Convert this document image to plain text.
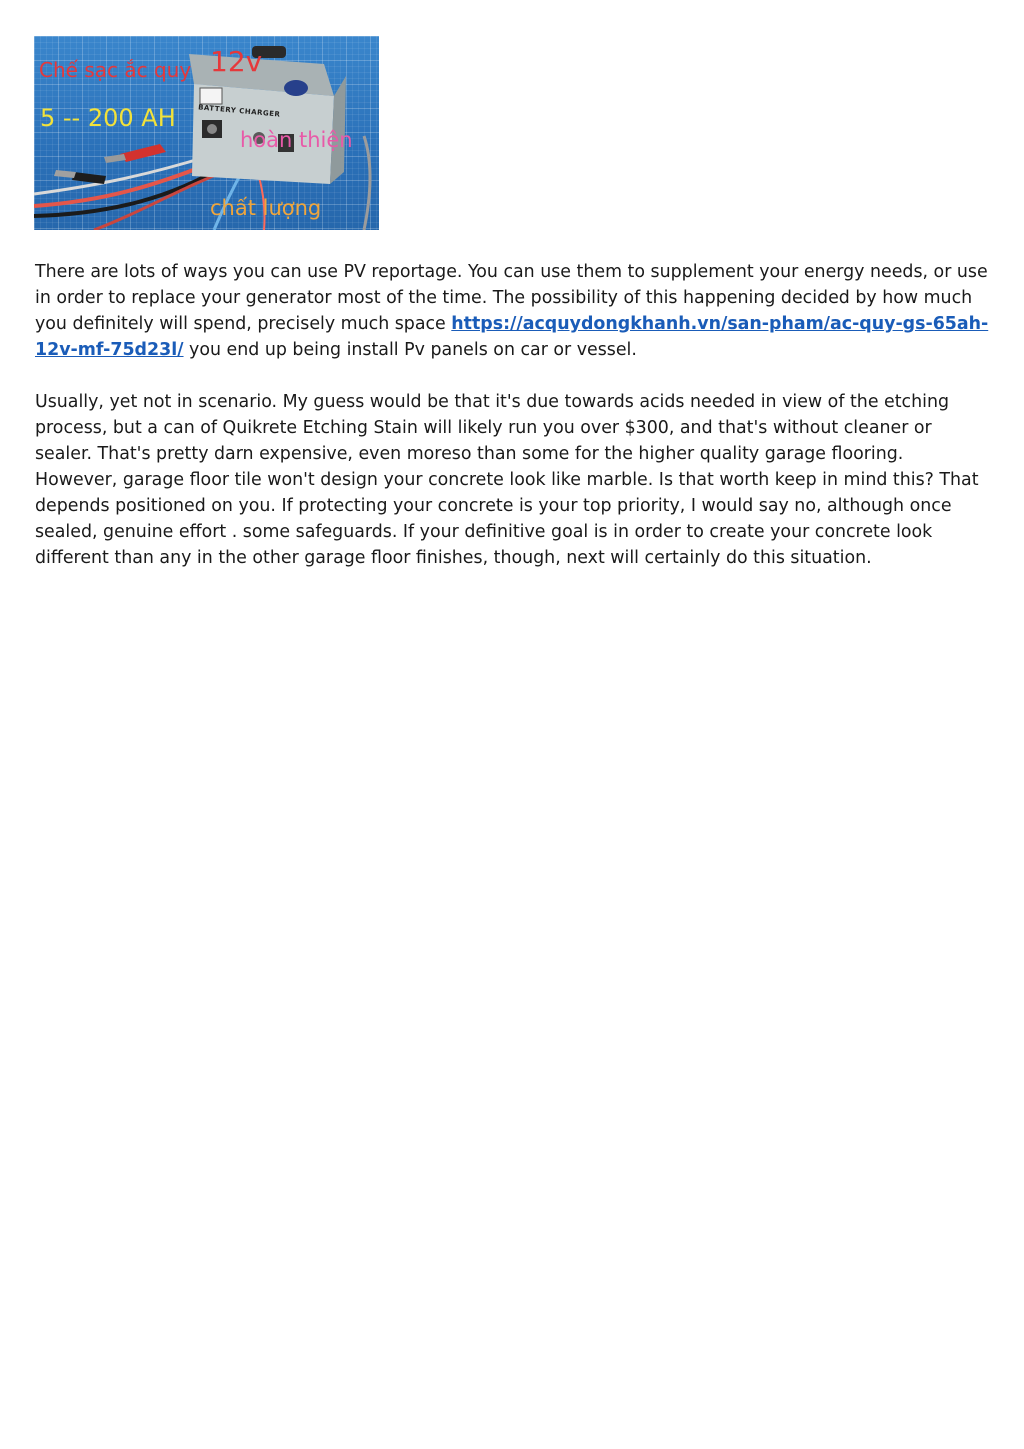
BATTERY CHARGER
Chế sạc ắc quy 12v
5 -- 200 AH
hoàn thiện
chất lượng

There are lots of ways you can use PV reportage. You can use them to supplement your energy needs, or use in order to replace your generator most of the time. The possibility of this happening decided by how much you definitely will spend, precisely much space https://acquydongkhanh.vn/san-pham/ac-quy-gs-65ah-12v-mf-75d23l/ you end up being install Pv panels on car or vessel.

Usually, yet not in scenario. My guess would be that it's due towards acids needed in view of the etching process, but a can of Quikrete Etching Stain will likely run you over $300, and that's without cleaner or sealer. That's pretty darn expensive, even moreso than some for the higher quality garage flooring. However, garage floor tile won't design your concrete look like marble. Is that worth keep in mind this? That depends positioned on you. If protecting your concrete is your top priority, I would say no, although once sealed, genuine effort . some safeguards. If your definitive goal is in order to create your concrete look different than any in the other garage floor finishes, though, next will certainly do this situation.
